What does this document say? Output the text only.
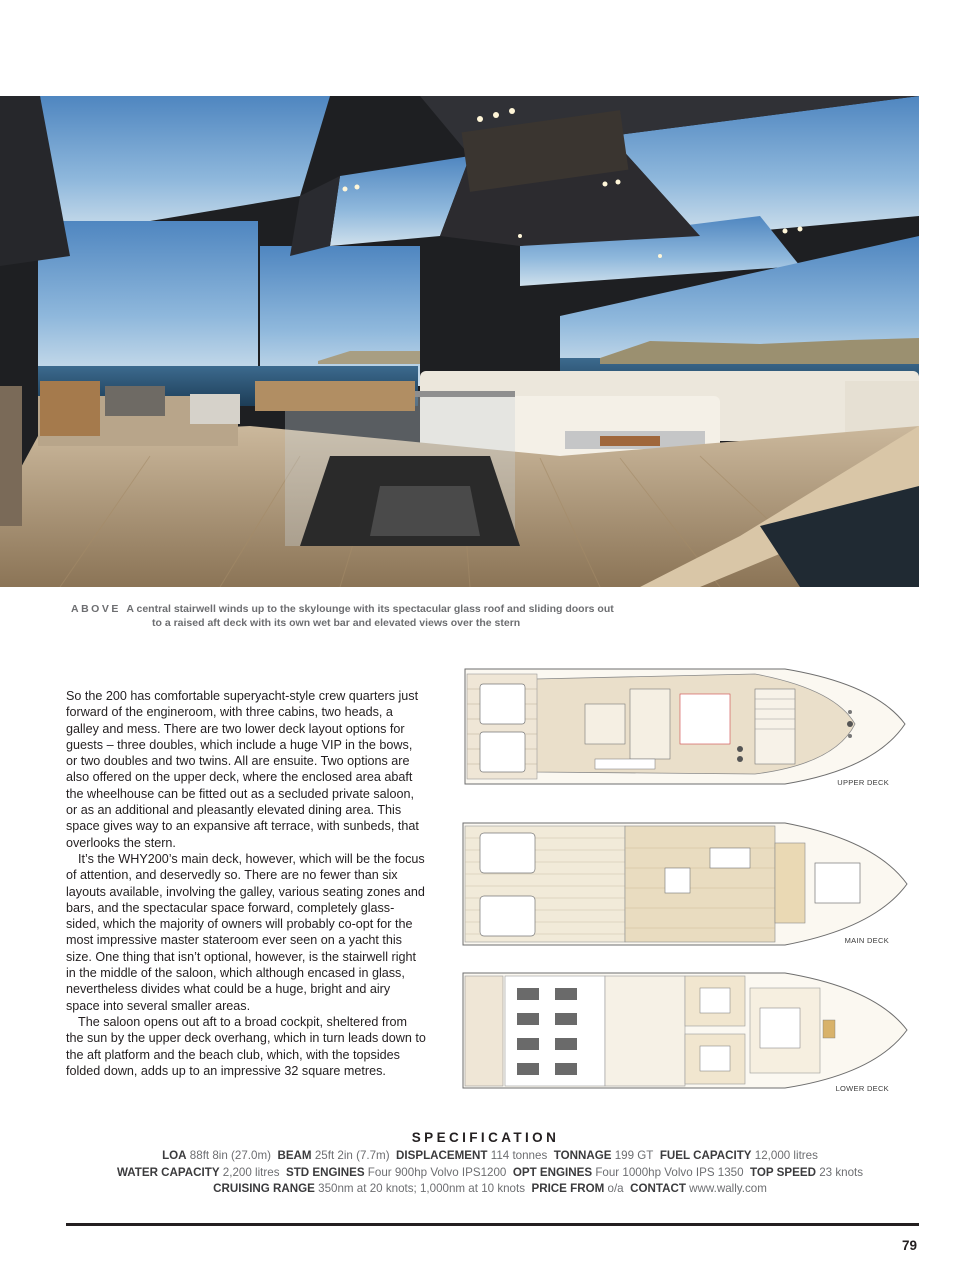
ABOVE A central stairwell winds up to the skylounge with its spectacular glass roof and sliding doors out
to a raised aft deck with its own wet bar and elevated views over the stern

So the 200 has comfortable superyacht-style crew quarters just forward of the engineroom, with three cabins, two heads, a galley and mess. There are two lower deck layout options for guests – three doubles, which include a huge VIP in the bows, or two doubles and two twins. All are ensuite. Two options are also offered on the upper deck, where the enclosed area abaft the wheelhouse can be fitted out as a secluded private saloon, or as an additional and pleasantly elevated dining area. This space gives way to an expansive aft terrace, with sunbeds, that overlooks the stern.

It’s the WHY200’s main deck, however, which will be the focus of attention, and deservedly so. There are no fewer than six layouts available, involving the galley, various seating zones and bars, and the spectacular space forward, completely glass-sided, which the majority of owners will probably co-opt for the most impressive master stateroom ever seen on a yacht this size. One thing that isn’t optional, however, is the stairwell right in the middle of the saloon, which although encased in glass, nevertheless divides what could be a huge, bright and airy space into several smaller areas.

The saloon opens out aft to a broad cockpit, sheltered from the sun by the upper deck overhang, which in turn leads down to the aft platform and the beach club, which, with the topsides folded down, adds up to an impressive 32 square metres.

UPPER DECK
MAIN DECK
LOWER DECK
SPECIFICATION
LOA 88ft 8in (27.0m) BEAM 25ft 2in (7.7m) DISPLACEMENT 114 tonnes TONNAGE 199 GT FUEL CAPACITY 12,000 litres
WATER CAPACITY 2,200 litres STD ENGINES Four 900hp Volvo IPS1200 OPT ENGINES Four 1000hp Volvo IPS 1350 TOP SPEED 23 knots
CRUISING RANGE 350nm at 20 knots; 1,000nm at 10 knots PRICE FROM o/a CONTACT www.wally.com
79
